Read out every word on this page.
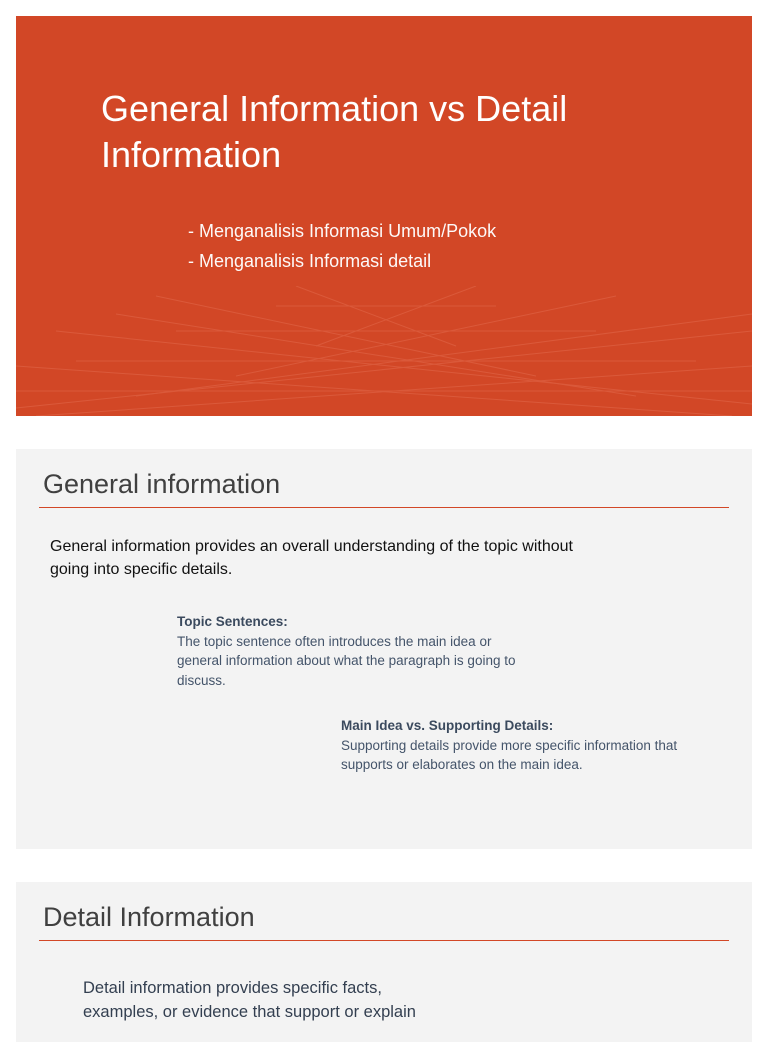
General Information vs Detail
Information
- Menganalisis Informasi Umum/Pokok
- Menganalisis Informasi detail
General information
General information provides an overall understanding of the topic without
going into specific details.
Topic Sentences:
The topic sentence often introduces the main idea or
general information about what the paragraph is going to
discuss.
Main Idea vs. Supporting Details:
Supporting details provide more specific information that
supports or elaborates on the main idea.
Detail Information
Detail information provides specific facts,
examples, or evidence that support or explain
